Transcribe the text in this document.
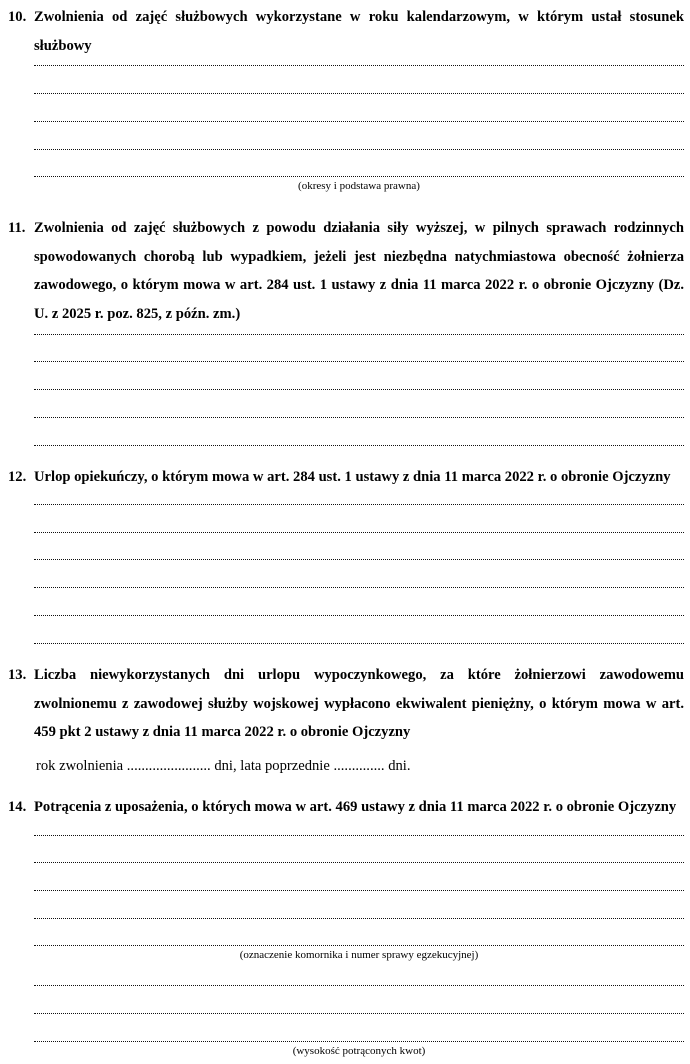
10. Zwolnienia od zajęć służbowych wykorzystane w roku kalendarzowym, w którym ustał stosunek służbowy
(okresy i podstawa prawna)
11. Zwolnienia od zajęć służbowych z powodu działania siły wyższej, w pilnych sprawach rodzinnych spowodowanych chorobą lub wypadkiem, jeżeli jest niezbędna natychmiastowa obecność żołnierza zawodowego, o którym mowa w art. 284 ust. 1 ustawy z dnia 11 marca 2022 r. o obronie Ojczyzny (Dz. U. z 2025 r. poz. 825, z późn. zm.)
12. Urlop opiekuńczy, o którym mowa w art. 284 ust. 1 ustawy z dnia 11 marca 2022 r. o obronie Ojczyzny
13. Liczba niewykorzystanych dni urlopu wypoczynkowego, za które żołnierzowi zawodowemu zwolnionemu z zawodowej służby wojskowej wypłacono ekwiwalent pieniężny, o którym mowa w art. 459 pkt 2 ustawy z dnia 11 marca 2022 r. o obronie Ojczyzny
rok zwolnienia ....................... dni, lata poprzednie .............. dni.
14. Potrącenia z uposażenia, o których mowa w art. 469 ustawy z dnia 11 marca 2022 r. o obronie Ojczyzny
(oznaczenie komornika i numer sprawy egzekucyjnej)
(wysokość potrąconych kwot)
